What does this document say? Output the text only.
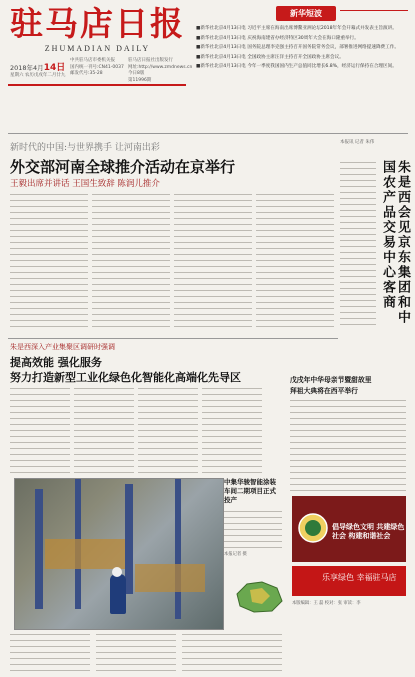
驻马店日报
ZHUMADIAN DAILY
2018年4月14日
星期六 农历戊戌年二月廿九
中共驻马店市委机关报
国内统一刊号:CN41-0037
邮发代号:35-28
驻马店日报社出版发行
网址:http://www.zmdnews.cn
今日8版
第11996期
新华短波
■新华社北京4月13日电 习近平主席在海南出席博鳌亚洲论坛2018年年会开幕式并发表主旨演讲。
■新华社北京4月13日电 庆祝海南建省办经济特区30周年大会在海口隆重举行。
■新华社北京4月13日电 国务院总理李克强主持召开国务院常务会议，部署推进网络提速降费工作。
■新华社北京4月13日电 全国政协主席汪洋主持召开全国政协主席会议。
■新华社北京4月13日电 今年一季度我国国内生产总值同比增长6.8%，经济运行保持在合理区间。
新时代的中国:与世界携手 让河南出彩
外交部河南全球推介活动在京举行
王毅出席并讲话 王国生致辞 陈润儿推介
本报讯 记者 朱伟
朱是西会见京东集团和中国农产品交易中心客商
朱是西深入产业集聚区调研时强调
提高效能 强化服务
努力打造新型工业化绿色化智能化高端化先导区	戊戌年中华母亲节暨甜故里
拜祖大典将在西平举行
中集华骏智能涂装车间二期项目正式投产
本报记者 摄
倡导绿色文明 共建绿色社会 构建和谐社会
乐享绿色 幸福驻马店
本版编辑：王 磊 校对：张 审读：李
